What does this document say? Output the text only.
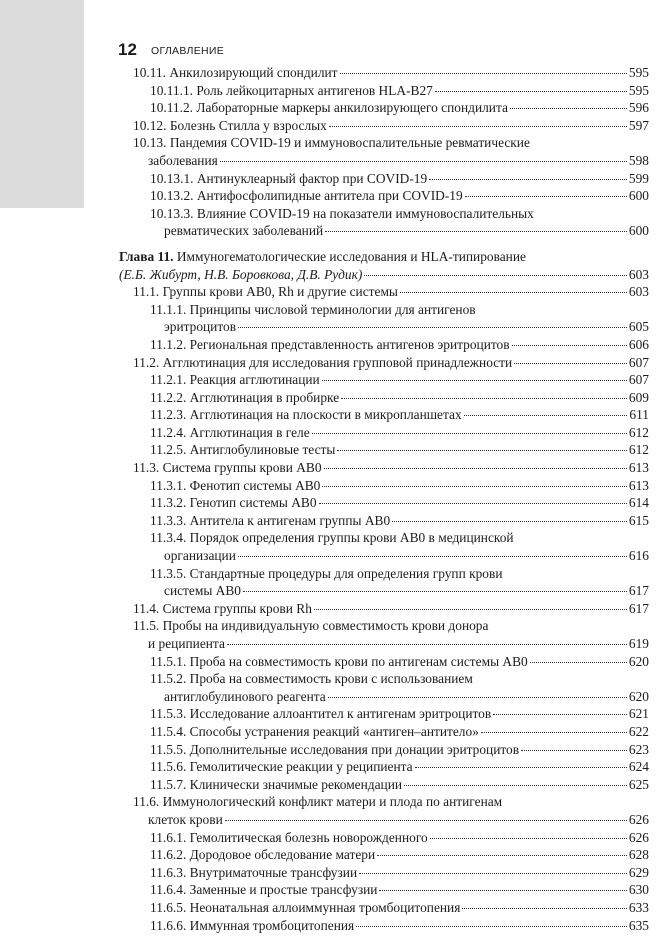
12 ОГЛАВЛЕНИЕ
10.11. Анкилозирующий спондилит	595
10.11.1. Роль лейкоцитарных антигенов HLA-B27	595
10.11.2. Лабораторные маркеры анкилозирующего спондилита	596
10.12. Болезнь Стилла у взрослых	597
10.13. Пандемия COVID-19 и иммуновоспалительные ревматические
заболевания	598
10.13.1. Антинуклеарный фактор при COVID-19	599
10.13.2. Антифосфолипидные антитела при COVID-19	600
10.13.3. Влияние COVID-19 на показатели иммуновоспалительных
ревматических заболеваний	600
Глава 11. Иммуногематологические исследования и HLA-типирование
(Е.Б. Жибурт, Н.В. Боровкова, Д.В. Рудик)	603
11.1. Группы крови AB0, Rh и другие системы	603
11.1.1. Принципы числовой терминологии для антигенов
эритроцитов	605
11.1.2. Региональная представленность антигенов эритроцитов	606
11.2. Агглютинация для исследования групповой принадлежности	607
11.2.1. Реакция агглютинации	607
11.2.2. Агглютинация в пробирке	609
11.2.3. Агглютинация на плоскости в микропланшетах	611
11.2.4. Агглютинация в геле	612
11.2.5. Антиглобулиновые тесты	612
11.3. Система группы крови AB0	613
11.3.1. Фенотип системы AB0	613
11.3.2. Генотип системы AB0	614
11.3.3. Антитела к антигенам группы AB0	615
11.3.4. Порядок определения группы крови AB0 в медицинской
организации	616
11.3.5. Стандартные процедуры для определения групп крови
системы AB0	617
11.4. Система группы крови Rh	617
11.5. Пробы на индивидуальную совместимость крови донора
и реципиента	619
11.5.1. Проба на совместимость крови по антигенам системы AB0	620
11.5.2. Проба на совместимость крови с использованием
антиглобулинового реагента	620
11.5.3. Исследование аллоантител к антигенам эритроцитов	621
11.5.4. Способы устранения реакций «антиген–антитело»	622
11.5.5. Дополнительные исследования при донации эритроцитов	623
11.5.6. Гемолитические реакции у реципиента	624
11.5.7. Клинически значимые рекомендации	625
11.6. Иммунологический конфликт матери и плода по антигенам
клеток крови	626
11.6.1. Гемолитическая болезнь новорожденного	626
11.6.2. Дородовое обследование матери	628
11.6.3. Внутриматочные трансфузии	629
11.6.4. Заменные и простые трансфузии	630
11.6.5. Неонатальная аллоиммунная тромбоцитопения	633
11.6.6. Иммунная тромбоцитопения	635
